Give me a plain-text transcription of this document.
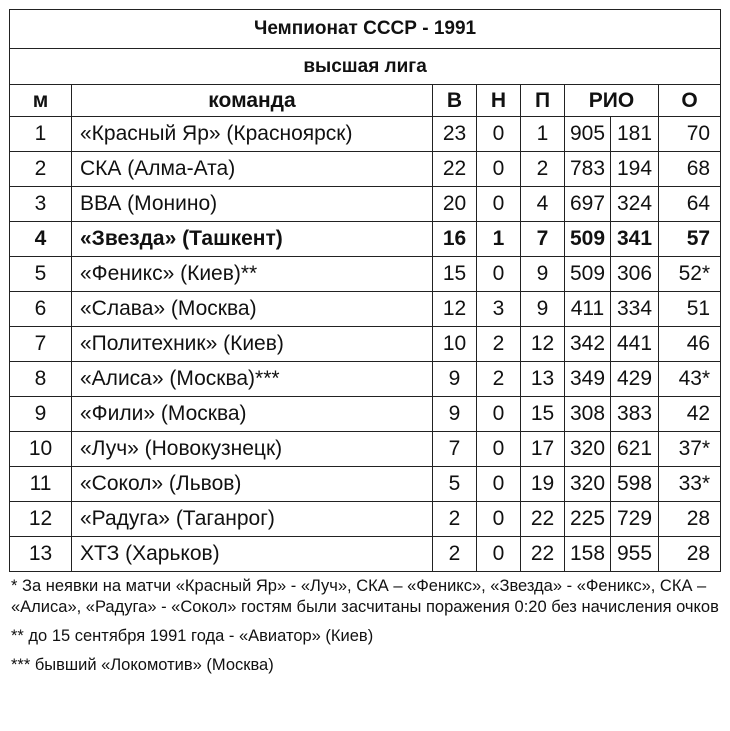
Чемпионат СССР - 1991							
высшая лига							
м	команда	В	Н	П	РИО		О
1	«Красный Яр» (Красноярск)	23	0	1	905	181	70
2	СКА (Алма-Ата)	22	0	2	783	194	68
3	ВВА (Монино)	20	0	4	697	324	64
4	«Звезда» (Ташкент)	16	1	7	509	341	57
5	«Феникс» (Киев)**	15	0	9	509	306	52*
6	«Слава» (Москва)	12	3	9	411	334	51
7	«Политехник» (Киев)	10	2	12	342	441	46
8	«Алиса» (Москва)***	9	2	13	349	429	43*
9	«Фили» (Москва)	9	0	15	308	383	42
10	«Луч» (Новокузнецк)	7	0	17	320	621	37*
11	«Сокол» (Львов)	5	0	19	320	598	33*
12	«Радуга» (Таганрог)	2	0	22	225	729	28
13	ХТЗ (Харьков)	2	0	22	158	955	28

* За неявки на матчи «Красный Яр» - «Луч», СКА – «Феникс», «Звезда» - «Феникс», СКА – «Алиса», «Радуга» - «Сокол» гостям были засчитаны поражения 0:20 без начисления очков

** до 15 сентября 1991 года - «Авиатор» (Киев)

*** бывший «Локомотив» (Москва)
